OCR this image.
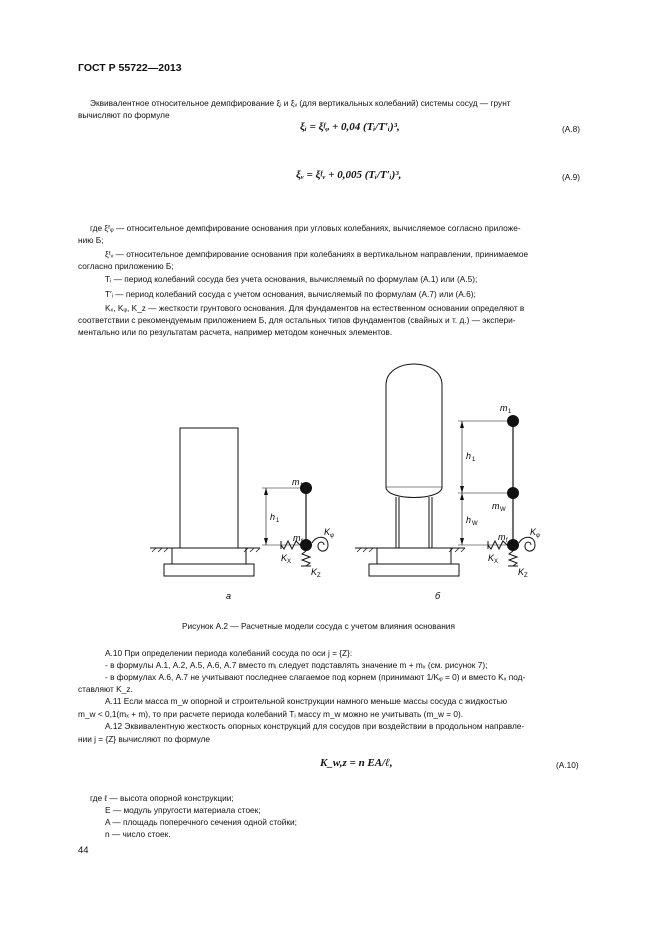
ГОСТ Р 55722—2013
Эквивалентное относительное демпфирование ξᵢ и ξᵥ (для вертикальных колебаний) системы сосуд — грунт
вычисляют по формуле
ξᵢ = ξᶠᵩ + 0,04 (Tᵢ/T′ᵢ)³,	(А.8)
ξᵥ = ξᶠᵥ + 0,005 (Tᵢ/T′ᵢ)³,	(А.9)
где ξᶠᵩ — относительное демпфирование основания при угловых колебаниях, вычисляемое согласно приложе-
нию Б;
ξᶠᵥ — относительное демпфирование основания при колебаниях в вертикальном направлении, принимаемое
согласно приложению Б;
Tᵢ — период колебаний сосуда без учета основания, вычисляемый по формулам (А.1) или (А.5);
T′ᵢ — период колебаний сосуда с учетом основания, вычисляемый по формулам (А.7) или (А.6);
Kₓ, Kᵩ, K_z — жесткости грунтового основания. Для фундаментов на естественном основании определяют в
соответствии с рекомендуемым приложением Б, для остальных типов фундаментов (свайных и т. д.) — экспери-
ментально или по результатам расчета, например методом конечных элементов.
m 1
h 1
m f
K φ
K X
K Z
а
m 1
h 1
m W
h W
m f
K φ
K X
K Z
б
Рисунок А.2 — Расчетные модели сосуда с учетом влияния основания
А.10 При определении периода колебаний сосуда по оси j = {Z}:
- в формулы А.1, А.2, А.5, А.6, А.7 вместо mᵢ следует подставлять значение m + mₓ (см. рисунок 7);
- в формулах А.6, А.7 не учитывают последнее слагаемое под корнем (принимают 1/Kᵩ = 0) и вместо Kₓ под-
ставляют K_z.
А.11 Если масса m_w опорной и строительной конструкции намного меньше массы сосуда с жидкостью
m_w < 0,1(mₓ + m), то при расчете периода колебаний Tᵢ массу m_w можно не учитывать (m_w = 0).
А.12 Эквивалентную жесткость опорных конструкций для сосудов при воздействии в продольном направле-
нии j = {Z} вычисляют по формуле
K_w,z = n EA/ℓ,	(А.10)
где ℓ — высота опорной конструкции;
E — модуль упругости материала стоек;
A — площадь поперечного сечения одной стойки;
n — число стоек.
44
